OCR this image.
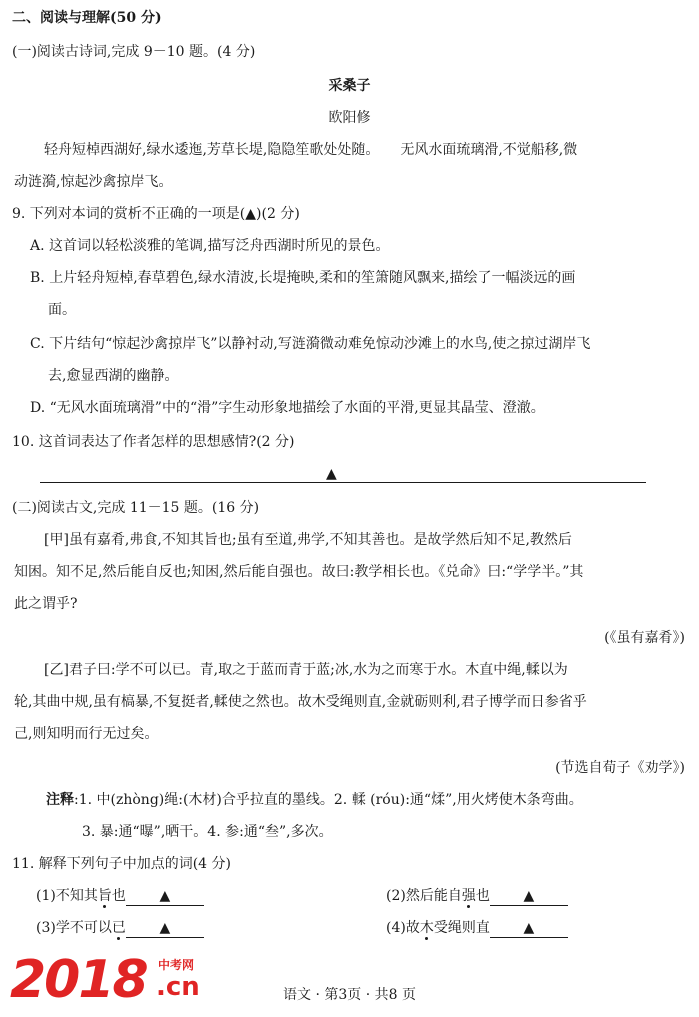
二、阅读与理解(50 分)
(一)阅读古诗词,完成 9－10 题。(4 分)
采桑子
欧阳修
轻舟短棹西湖好,绿水逶迤,芳草长堤,隐隐笙歌处处随。　　无风水面琉璃滑,不觉船移,微
动涟漪,惊起沙禽掠岸飞。
9. 下列对本词的赏析不正确的一项是(▲)(2 分)
A. 这首词以轻松淡雅的笔调,描写泛舟西湖时所见的景色。
B. 上片轻舟短棹,春草碧色,绿水清波,长堤掩映,柔和的笙箫随风飘来,描绘了一幅淡远的画
面。
C. 下片结句“惊起沙禽掠岸飞”以静衬动,写涟漪微动难免惊动沙滩上的水鸟,使之掠过湖岸飞
去,愈显西湖的幽静。
D. “无风水面琉璃滑”中的“滑”字生动形象地描绘了水面的平滑,更显其晶莹、澄澈。
10. 这首词表达了作者怎样的思想感情?(2 分)
▲
(二)阅读古文,完成 11－15 题。(16 分)
[甲]虽有嘉肴,弗食,不知其旨也;虽有至道,弗学,不知其善也。是故学然后知不足,教然后
知困。知不足,然后能自反也;知困,然后能自强也。故曰:教学相长也。《兑命》曰:“学学半。”其
此之谓乎?
(《虽有嘉肴》)
[乙]君子曰:学不可以已。青,取之于蓝而青于蓝;冰,水为之而寒于水。木直中绳,輮以为
轮,其曲中规,虽有槁暴,不复挺者,輮使之然也。故木受绳则直,金就砺则利,君子博学而日参省乎
己,则知明而行无过矣。
(节选自荀子《劝学》)
注释:1. 中(zhòng)绳:(木材)合乎拉直的墨线。2. 輮 (róu):通“煣”,用火烤使木条弯曲。
3. 暴:通“曝”,晒干。4. 参:通“叁”,多次。
11. 解释下列句子中加点的词(4 分)
(1)不知其旨也 ▲	(2)然后能自强也 ▲
(3)学不可以已 ▲	(4)故木受绳则直 ▲
2018 中考网
.cn	语文 · 第3页 · 共8 页
